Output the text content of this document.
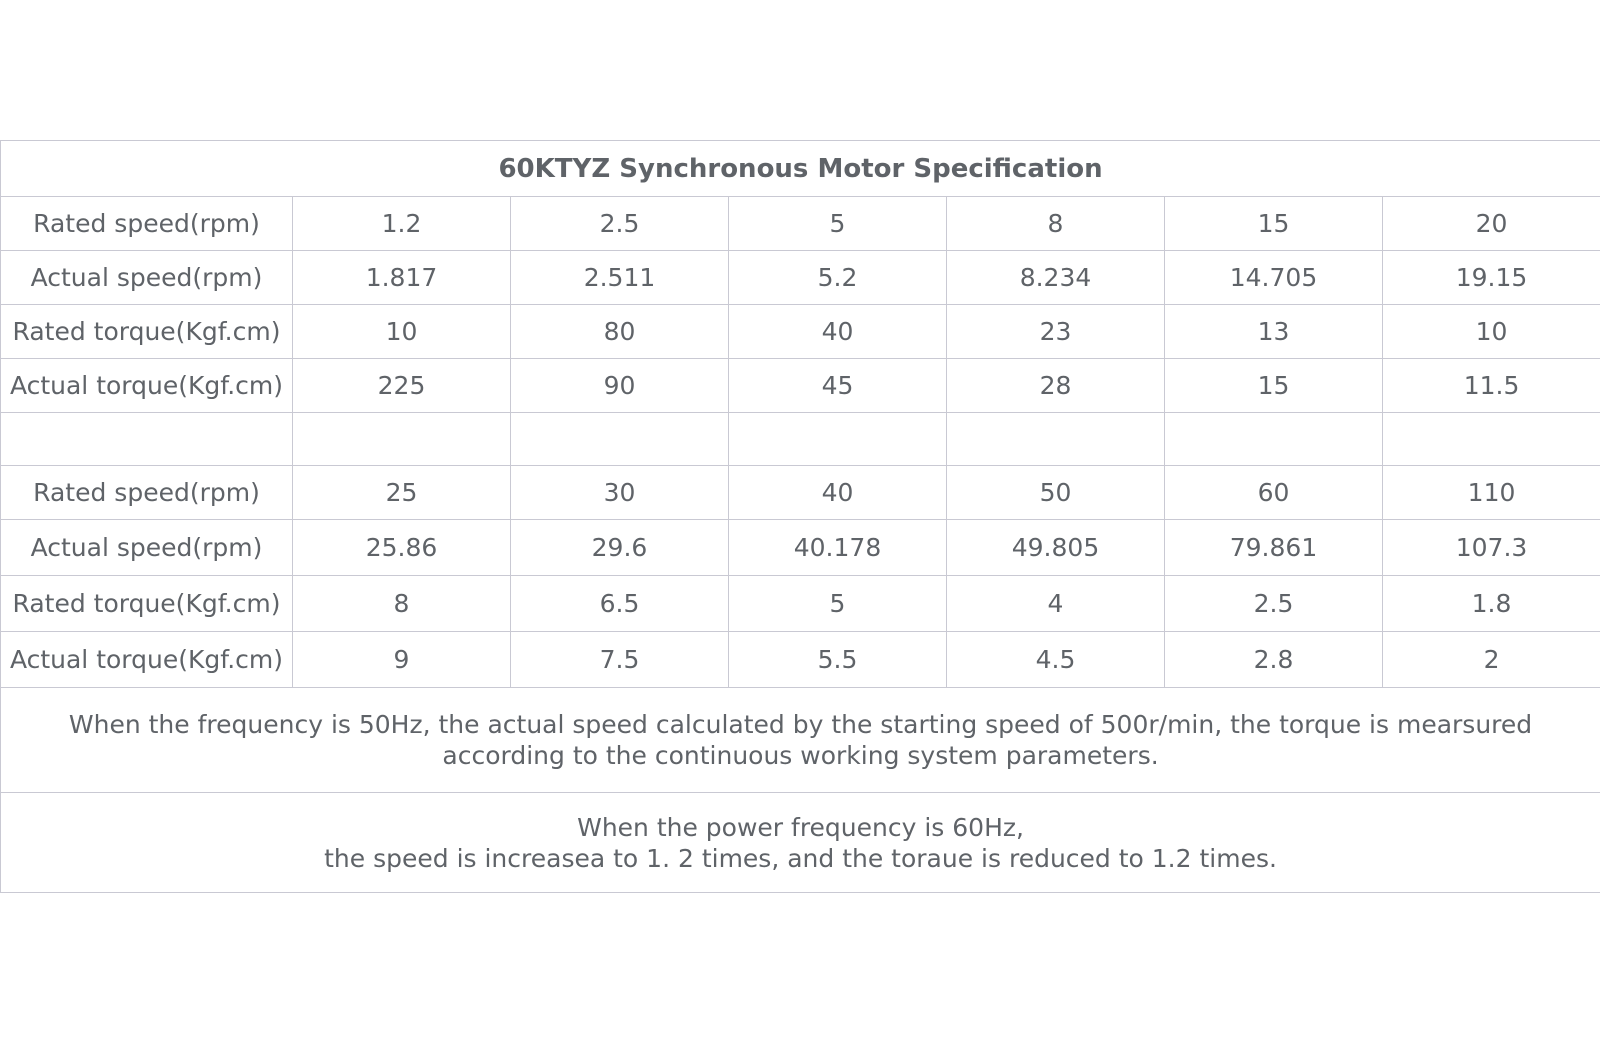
60KTYZ Synchronous Motor Specification						
Rated speed(rpm)	1.2	2.5	5	8	15	20
Actual speed(rpm)	1.817	2.511	5.2	8.234	14.705	19.15
Rated torque(Kgf.cm)	10	80	40	23	13	10
Actual torque(Kgf.cm)	225	90	45	28	15	11.5

Rated speed(rpm)	25	30	40	50	60	110
Actual speed(rpm)	25.86	29.6	40.178	49.805	79.861	107.3
Rated torque(Kgf.cm)	8	6.5	5	4	2.5	1.8
Actual torque(Kgf.cm)	9	7.5	5.5	4.5	2.8	2

When the frequency is 50Hz, the actual speed calculated by the starting speed of 500r/min, the torque is mearsured
according to the continuous working system parameters.						

When the power frequency is 60Hz,
the speed is increasea to 1. 2 times, and the toraue is reduced to 1.2 times.						
